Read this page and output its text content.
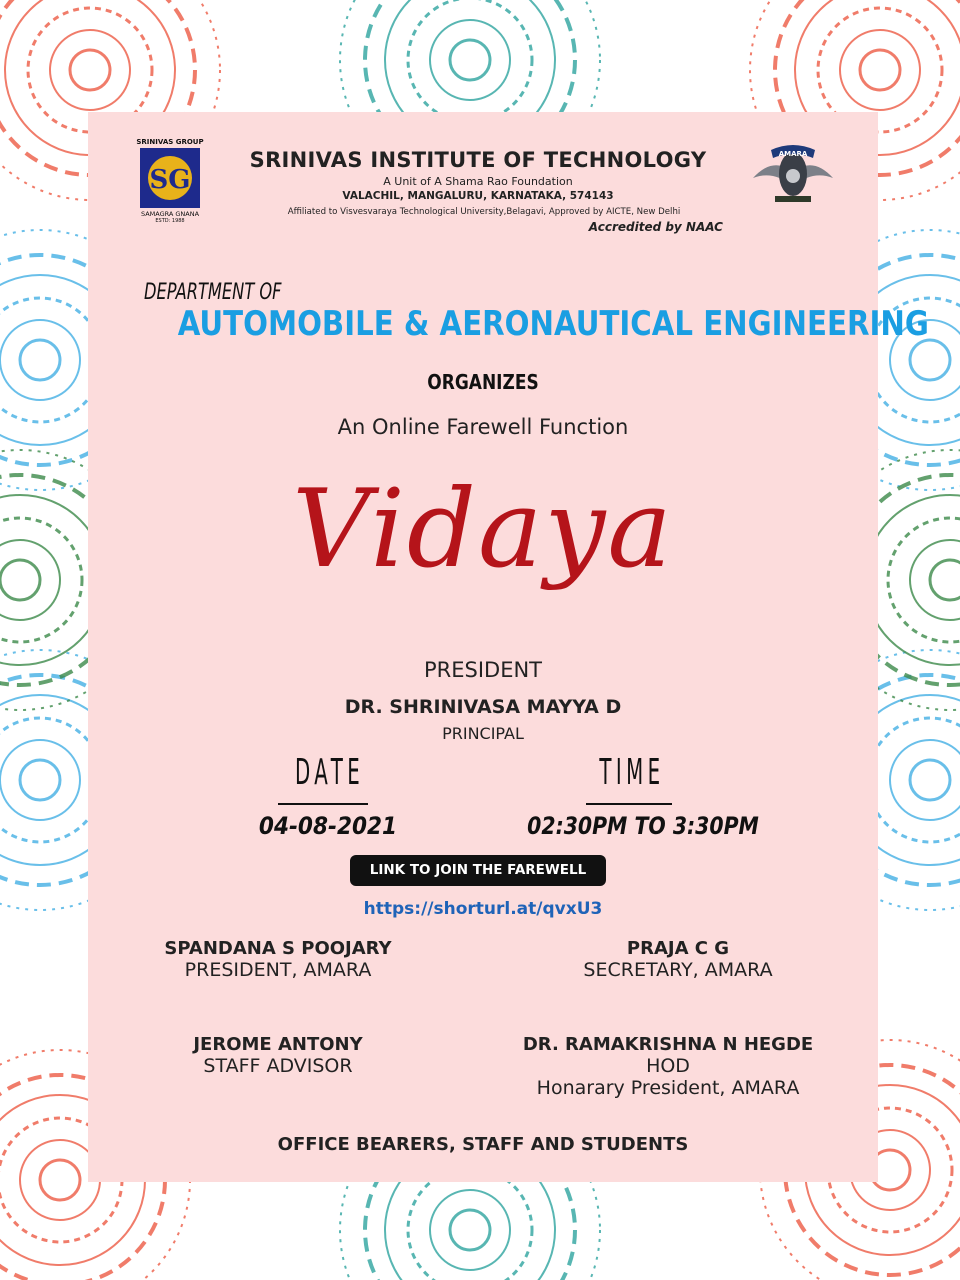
SRINIVAS GROUP
SG
SAMAGRA GNANA
ESTD: 1988
SRINIVAS INSTITUTE OF TECHNOLOGY
A Unit of A Shama Rao Foundation
VALACHIL, MANGALURU, KARNATAKA, 574143
Affiliated to Visvesvaraya Technological University,Belagavi, Approved by AICTE, New Delhi
Accredited by NAAC
AMARA
DEPARTMENT OF
AUTOMOBILE & AERONAUTICAL ENGINEERING
ORGANIZES
An Online Farewell Function
Vidaya
PRESIDENT
DR. SHRINIVASA MAYYA D
PRINCIPAL
DATE	TIME
04-08-2021	02:30PM TO 3:30PM
LINK TO JOIN THE FAREWELL
https://shorturl.at/qvxU3
SPANDANA S POOJARY
PRESIDENT, AMARA
PRAJA C G
SECRETARY, AMARA
JEROME ANTONY
STAFF ADVISOR
DR. RAMAKRISHNA N HEGDE
HOD
Honarary President, AMARA
OFFICE BEARERS, STAFF AND STUDENTS
